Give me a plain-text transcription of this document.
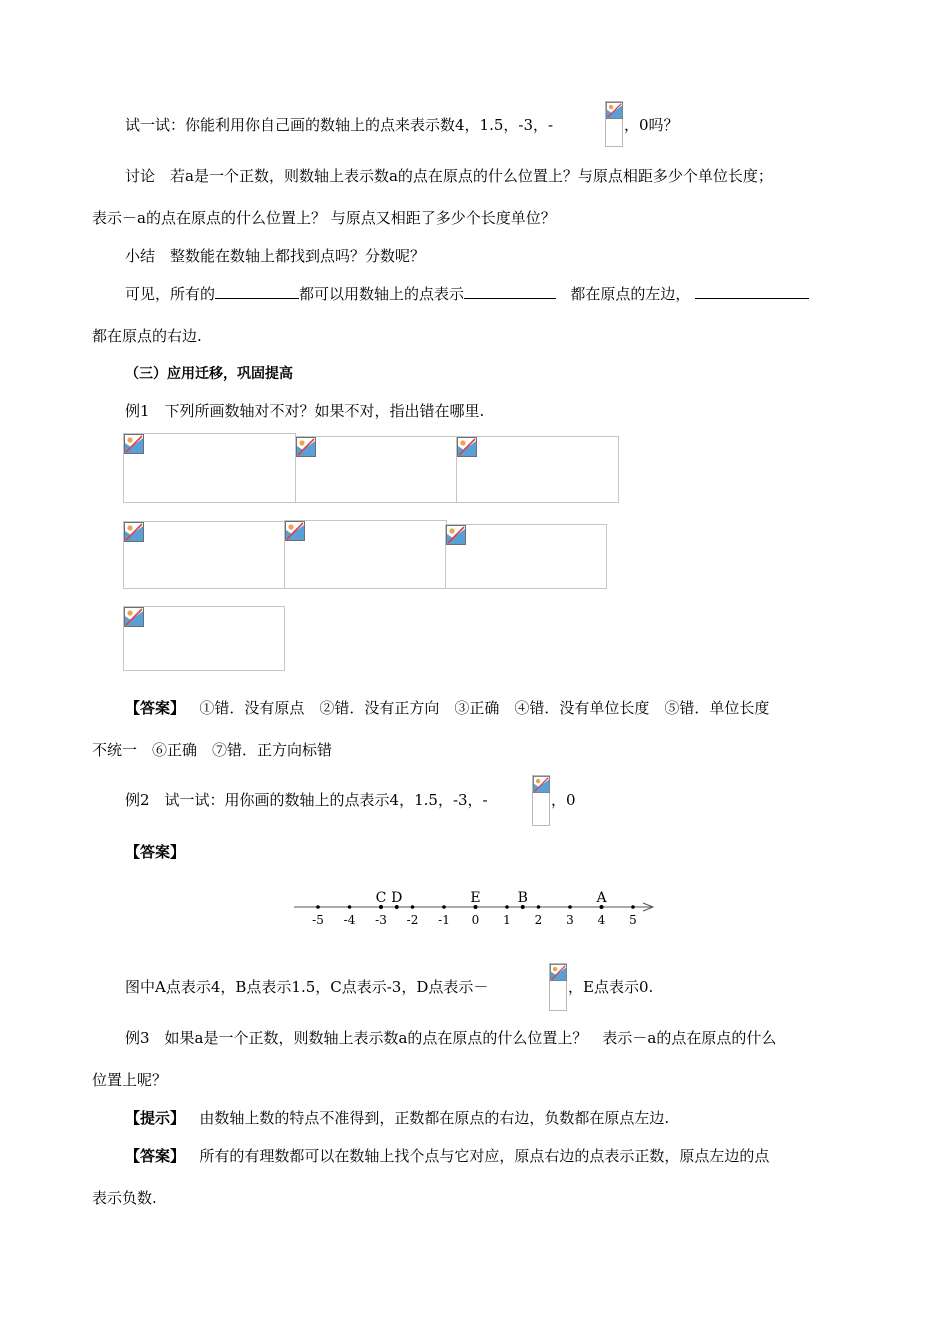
试一试：你能利用你自己画的数轴上的点来表示数4，1.5，-3，-	，0吗？
讨论　若a是一个正数，则数轴上表示数a的点在原点的什么位置上？与原点相距多少个单位长度；
表示－a的点在原点的什么位置上？ 与原点又相距了多少个长度单位？
小结　整数能在数轴上都找到点吗？分数呢？
可见，所有的	都可以用数轴上的点表示	都在原点的左边，
都在原点的右边.
（三）应用迁移，巩固提高
例1　下列所画数轴对不对？如果不对，指出错在哪里.
【答案】 ①错．没有原点　②错．没有正方向　③正确　④错．没有单位长度　⑤错．单位长度
不统一　⑥正确　⑦错．正方向标错
例2　试一试：用你画的数轴上的点表示4，1.5，-3，-	，0
【答案】
-5 -4 -3 -2 -1 0 1 2 3 4 5
C D	E	B	A
图中A点表示4，B点表示1.5，C点表示-3，D点表示－	，E点表示0.
例3　如果a是一个正数，则数轴上表示数a的点在原点的什么位置上？　表示－a的点在原点的什么
位置上呢？
【提示】 由数轴上数的特点不准得到，正数都在原点的右边，负数都在原点左边.
【答案】 所有的有理数都可以在数轴上找个点与它对应，原点右边的点表示正数，原点左边的点
表示负数.
